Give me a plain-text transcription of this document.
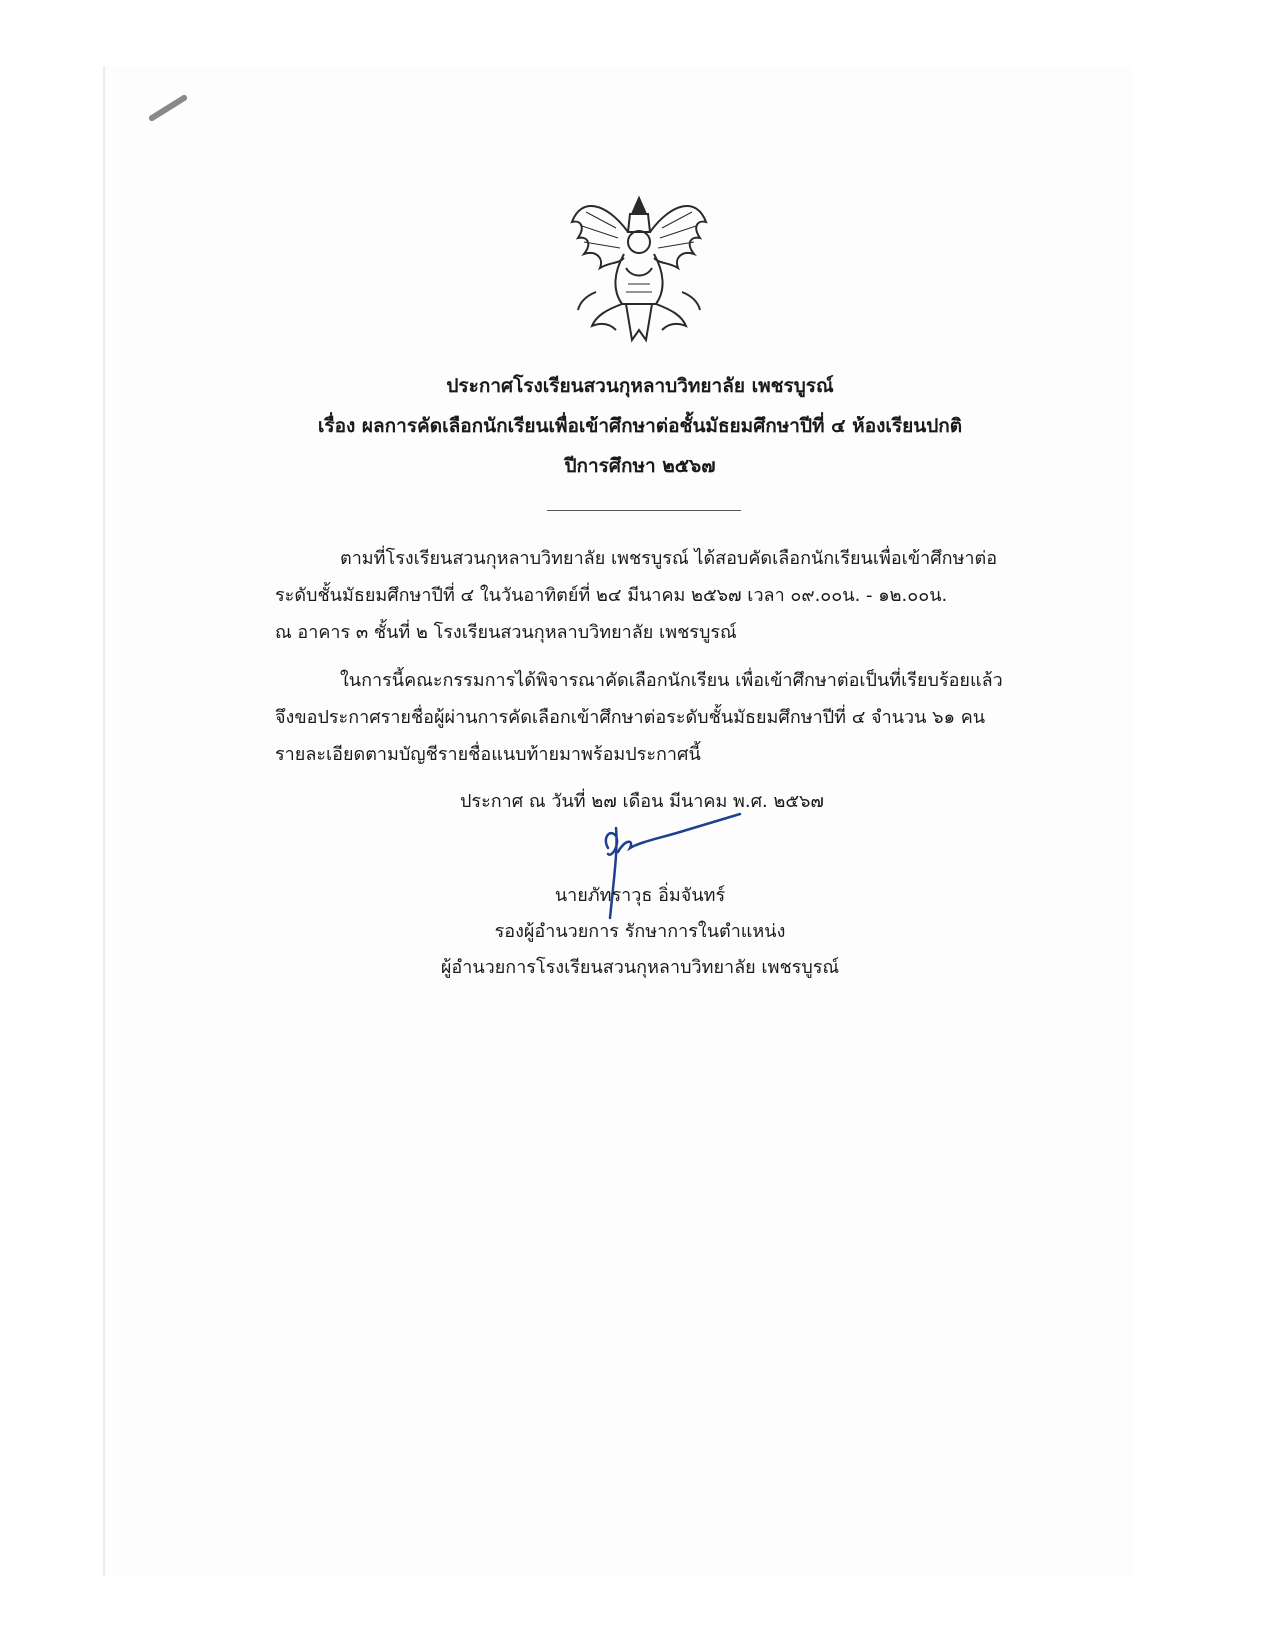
ประกาศโรงเรียนสวนกุหลาบวิทยาลัย เพชรบูรณ์
เรื่อง ผลการคัดเลือกนักเรียนเพื่อเข้าศึกษาต่อชั้นมัธยมศึกษาปีที่ ๔ ห้องเรียนปกติ
ปีการศึกษา ๒๕๖๗
ตามที่โรงเรียนสวนกุหลาบวิทยาลัย เพชรบูรณ์ ได้สอบคัดเลือกนักเรียนเพื่อเข้าศึกษาต่อ
ระดับชั้นมัธยมศึกษาปีที่ ๔ ในวันอาทิตย์ที่ ๒๔ มีนาคม ๒๕๖๗ เวลา ๐๙.๐๐น. - ๑๒.๐๐น.
ณ อาคาร ๓ ชั้นที่ ๒ โรงเรียนสวนกุหลาบวิทยาลัย เพชรบูรณ์
ในการนี้คณะกรรมการได้พิจารณาคัดเลือกนักเรียน เพื่อเข้าศึกษาต่อเป็นที่เรียบร้อยแล้ว
จึงขอประกาศรายชื่อผู้ผ่านการคัดเลือกเข้าศึกษาต่อระดับชั้นมัธยมศึกษาปีที่ ๔ จำนวน ๖๑ คน
รายละเอียดตามบัญชีรายชื่อแนบท้ายมาพร้อมประกาศนี้
ประกาศ ณ วันที่ ๒๗ เดือน มีนาคม พ.ศ. ๒๕๖๗
นายภัทราวุธ อิ่มจันทร์
รองผู้อำนวยการ รักษาการในตำแหน่ง
ผู้อำนวยการโรงเรียนสวนกุหลาบวิทยาลัย เพชรบูรณ์
